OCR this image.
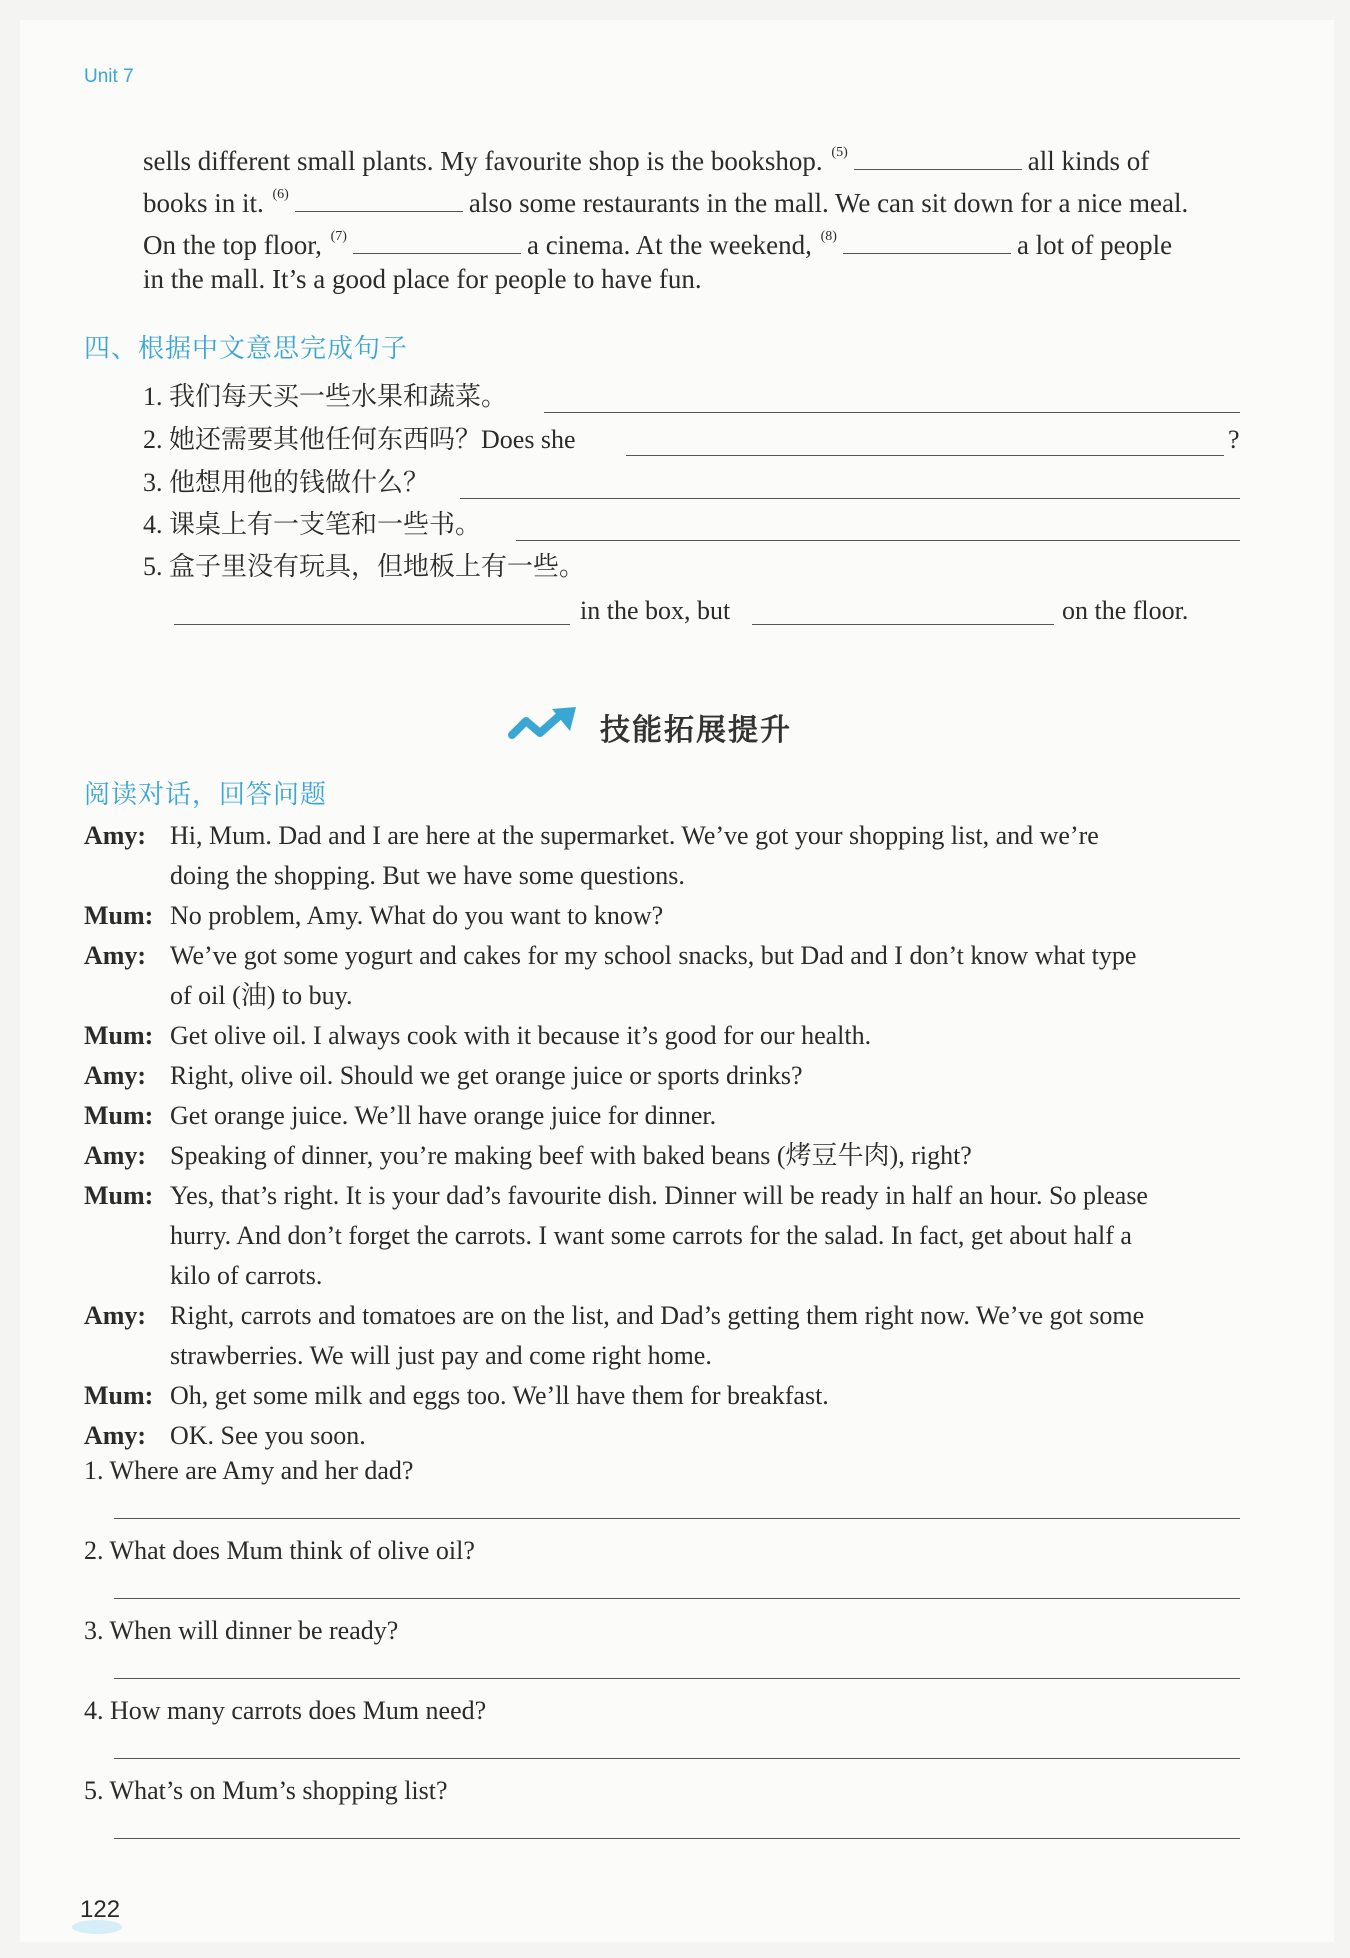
Unit 7
sells different small plants. My favourite shop is the bookshop. $^{(5)}$	all kinds of
books in it. $^{(6)}$	also some restaurants in the mall. We can sit down for a nice meal.
On the top floor, $^{(7)}$	a cinema. At the weekend, $^{(8)}$	a lot of people
in the mall. It’s a good place for people to have fun.
四、根据中文意思完成句子
1. 我们每天买一些水果和蔬菜。
2. 她还需要其他任何东西吗？Does she	?
3. 他想用他的钱做什么？
4. 课桌上有一支笔和一些书。
5. 盒子里没有玩具，但地板上有一些。
in the box, but	on the floor.
技能拓展提升
阅读对话，回答问题
Amy: Hi, Mum. Dad and I are here at the supermarket. We’ve got your shopping list, and we’re
doing the shopping. But we have some questions.
Mum: No problem, Amy. What do you want to know?
Amy: We’ve got some yogurt and cakes for my school snacks, but Dad and I don’t know what type
of oil (油) to buy.
Mum: Get olive oil. I always cook with it because it’s good for our health.
Amy: Right, olive oil. Should we get orange juice or sports drinks?
Mum: Get orange juice. We’ll have orange juice for dinner.
Amy: Speaking of dinner, you’re making beef with baked beans (烤豆牛肉), right?
Mum: Yes, that’s right. It is your dad’s favourite dish. Dinner will be ready in half an hour. So please
hurry. And don’t forget the carrots. I want some carrots for the salad. In fact, get about half a
kilo of carrots.
Amy: Right, carrots and tomatoes are on the list, and Dad’s getting them right now. We’ve got some
strawberries. We will just pay and come right home.
Mum: Oh, get some milk and eggs too. We’ll have them for breakfast.
Amy: OK. See you soon.
1. Where are Amy and her dad?
2. What does Mum think of olive oil?
3. When will dinner be ready?
4. How many carrots does Mum need?
5. What’s on Mum’s shopping list?
122
